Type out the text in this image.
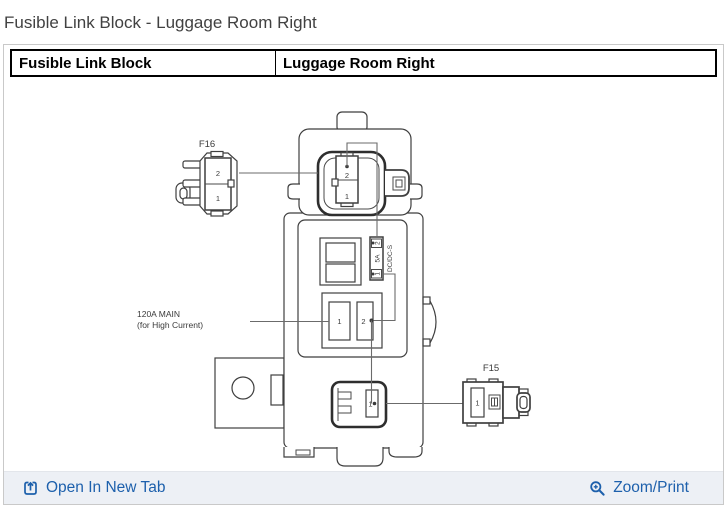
Fusible Link Block - Luggage Room Right
Fusible Link Block	Luggage Room Right
2
1
2
5A
1
DC/DC-S
1	2
1
F16
2
1
F15
1
120A MAIN
(for High Current)
Open In New Tab	Zoom/Print
